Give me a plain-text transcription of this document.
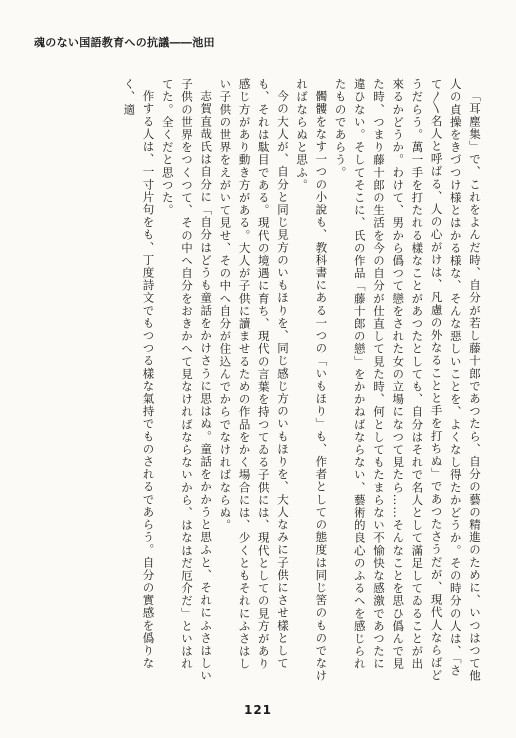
魂のない国語教育への抗議――池田

「耳塵集」で、これをよんだ時、自分が若し藤十郎であつたら、自分の藝の精進のために、いつはつて他人の貞操をきづつけ様とはかる様な、そんな惡しいことを、よくなし得たかどうか。その時分の人は、「さて〳〵名人と呼ばる、人の心がけは、凡慮の外なることと手を打ちぬ」であつたさうだが、現代人ならばどうだらう。萬一手を打たれる樣なことがあつたとしても、自分はそれで名人として滿足してゐることが出來るかどうか。わけて、男から僞つて戀をされた女の立場になつて見たら……そんなことを思ひ僞んで見た時、つまり藤十郎の生活を今の自分が仕直して見た時、何としてもたまらない不愉快な感激であつたに違ひない。そしてそこに、氏の作品「藤十郎の戀」をかかねばならない、藝術的良心のふるへを感じられたものであらう。

髑髏をなす一つの小說も、教科書にある一つの「いもほり」も、作者としての態度は同じ筈のものでなければならぬと思ふ。

今の大人が、自分と同じ見方のいもほりを、同じ感じ方のいもほりを、大人なみに子供にさせ樣としても、それは駄目である。現代の境遇に育ち、現代の言葉を持つてゐる子供には、現代としての見方があり感じ方があり動き方がある。大人が子供に讀ませるための作品をかく場合には、少くともそれにふさはしい子供の世界をえがいて見せ、その中へ自分が住込んでからでなければならぬ。

志賀直哉氏は自分に「自分はどうも童話をかけさうに思はぬ。童話をかかうと思ふと、それにふさはしい子供の世界をつくつて、その中へ自分をおきかへて見なければならないから、はなはだ厄介だ」といはれてた。全くだと思つた。

作する人は、一寸片句をも、丁度詩文でもつつる樣な氣持でものされるであらう。自分の實感を僞りなく、適

121
